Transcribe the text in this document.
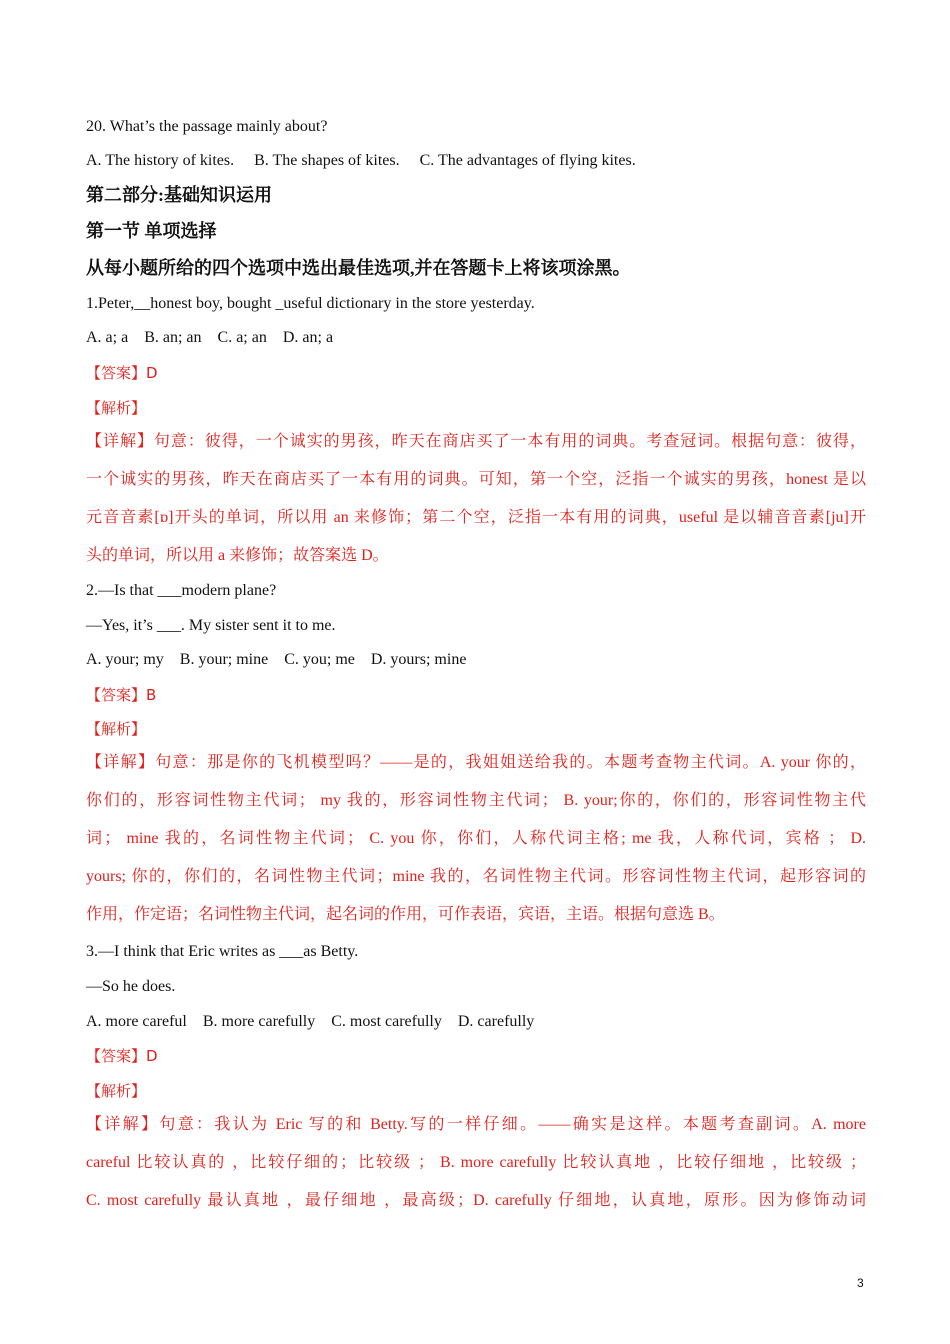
20. What’s the passage mainly about?
A. The history of kites.     B. The shapes of kites.     C. The advantages of flying kites.
第二部分:基础知识运用
第一节 单项选择
从每小题所给的四个选项中选出最佳选项,并在答题卡上将该项涂黑。
1.Peter,__honest boy, bought _useful dictionary in the store yesterday.
A. a; a    B. an; an    C. a; an    D. an; a
【答案】D
【解析】
【详解】句意：彼得，一个诚实的男孩，昨天在商店买了一本有用的词典。考查冠词。根据句意：彼得，
一个诚实的男孩，昨天在商店买了一本有用的词典。可知，第一个空，泛指一个诚实的男孩，honest 是以
元音音素[ɒ]开头的单词，所以用 an 来修饰；第二个空，泛指一本有用的词典，useful 是以辅音音素[ju]开
头的单词，所以用 a 来修饰；故答案选 D。
2.—Is that ___modern plane?
—Yes, it’s ___. My sister sent it to me.
A. your; my    B. your; mine    C. you; me    D. yours; mine
【答案】B
【解析】
【详解】句意：那是你的飞机模型吗？——是的，我姐姐送给我的。本题考查物主代词。A. your 你的，
你们的，形容词性物主代词； my 我的，形容词性物主代词； B. your;你的，你们的，形容词性物主代
词； mine 我的，名词性物主代词； C. you 你，你们，人称代词主格; me 我，人称代词，宾格 ； D.
yours; 你的，你们的，名词性物主代词；mine 我的，名词性物主代词。形容词性物主代词，起形容词的
作用，作定语；名词性物主代词，起名词的作用，可作表语，宾语，主语。根据句意选 B。
3.—I think that Eric writes as ___as Betty.
—So he does.
A. more careful    B. more carefully    C. most carefully    D. carefully
【答案】D
【解析】
【详解】句意：我认为 Eric 写的和 Betty.写的一样仔细。——确实是这样。本题考查副词。A. more
careful 比较认真的 ，比较仔细的；比较级 ； B. more carefully 比较认真地 ，比较仔细地 ，比较级 ；
C. most carefully 最认真地 ，最仔细地 ，最高级；D. carefully 仔细地，认真地，原形。因为修饰动词
3
